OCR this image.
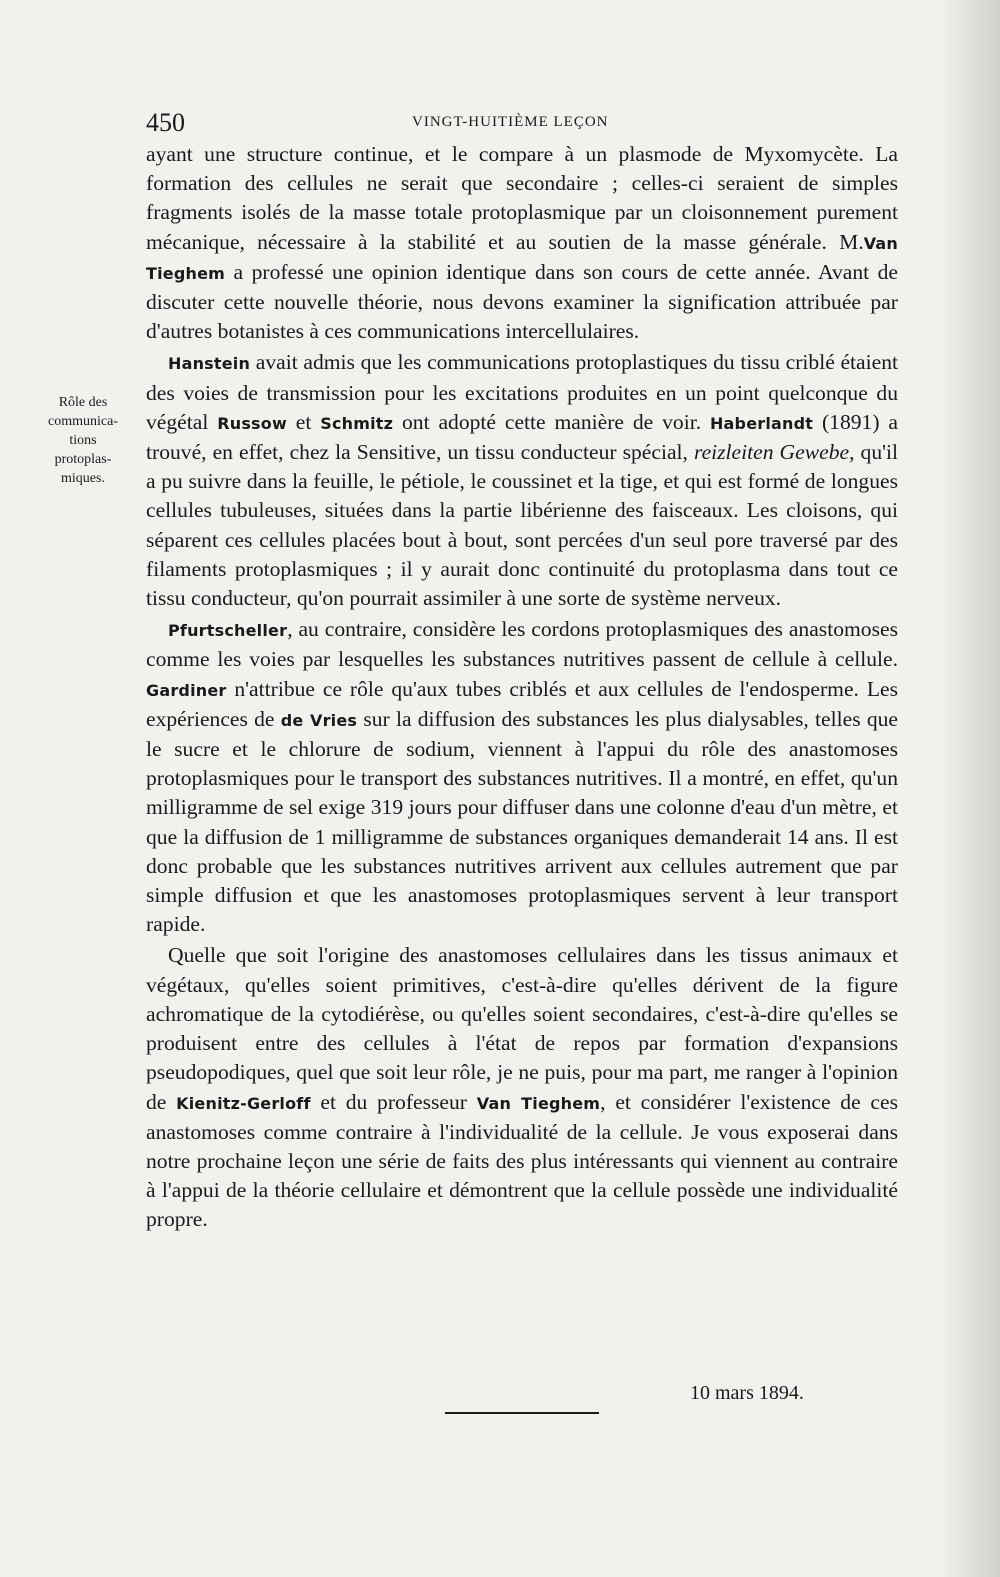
450	VINGT-HUITIÈME LEÇON
Rôle des
communica-
tions
protoplas-
miques.

ayant une structure continue, et le compare à un plasmode de Myxomycète. La formation des cellules ne serait que secondaire ; celles-ci seraient de simples fragments isolés de la masse totale protoplasmique par un cloisonnement purement mécanique, nécessaire à la stabilité et au soutien de la masse générale. M.Van Tieghem a professé une opinion identique dans son cours de cette année. Avant de discuter cette nouvelle théorie, nous devons examiner la signification attribuée par d'autres botanistes à ces communications intercellulaires.

Hanstein avait admis que les communications protoplastiques du tissu criblé étaient des voies de transmission pour les excitations produites en un point quelconque du végétal Russow et Schmitz ont adopté cette manière de voir. Haberlandt (1891) a trouvé, en effet, chez la Sensitive, un tissu conducteur spécial, reizleiten Gewebe, qu'il a pu suivre dans la feuille, le pétiole, le coussinet et la tige, et qui est formé de longues cellules tubuleuses, situées dans la partie libérienne des faisceaux. Les cloisons, qui séparent ces cellules placées bout à bout, sont percées d'un seul pore traversé par des filaments protoplasmiques ; il y aurait donc continuité du protoplasma dans tout ce tissu conducteur, qu'on pourrait assimiler à une sorte de système nerveux.

Pfurtscheller, au contraire, considère les cordons protoplasmiques des anastomoses comme les voies par lesquelles les substances nutritives passent de cellule à cellule. Gardiner n'attribue ce rôle qu'aux tubes criblés et aux cellules de l'endosperme. Les expériences de de Vries sur la diffusion des substances les plus dialysables, telles que le sucre et le chlorure de sodium, viennent à l'appui du rôle des anastomoses protoplasmiques pour le transport des substances nutritives. Il a montré, en effet, qu'un milligramme de sel exige 319 jours pour diffuser dans une colonne d'eau d'un mètre, et que la diffusion de 1 milligramme de substances organiques demanderait 14 ans. Il est donc probable que les substances nutritives arrivent aux cellules autrement que par simple diffusion et que les anastomoses protoplasmiques servent à leur transport rapide.

Quelle que soit l'origine des anastomoses cellulaires dans les tissus animaux et végétaux, qu'elles soient primitives, c'est-à-dire qu'elles dérivent de la figure achromatique de la cytodiérèse, ou qu'elles soient secondaires, c'est-à-dire qu'elles se produisent entre des cellules à l'état de repos par formation d'expansions pseudopodiques, quel que soit leur rôle, je ne puis, pour ma part, me ranger à l'opinion de Kienitz-Gerloff et du professeur Van Tieghem, et considérer l'existence de ces anastomoses comme contraire à l'individualité de la cellule. Je vous exposerai dans notre prochaine leçon une série de faits des plus intéressants qui viennent au contraire à l'appui de la théorie cellulaire et démontrent que la cellule possède une individualité propre.

10 mars 1894.
